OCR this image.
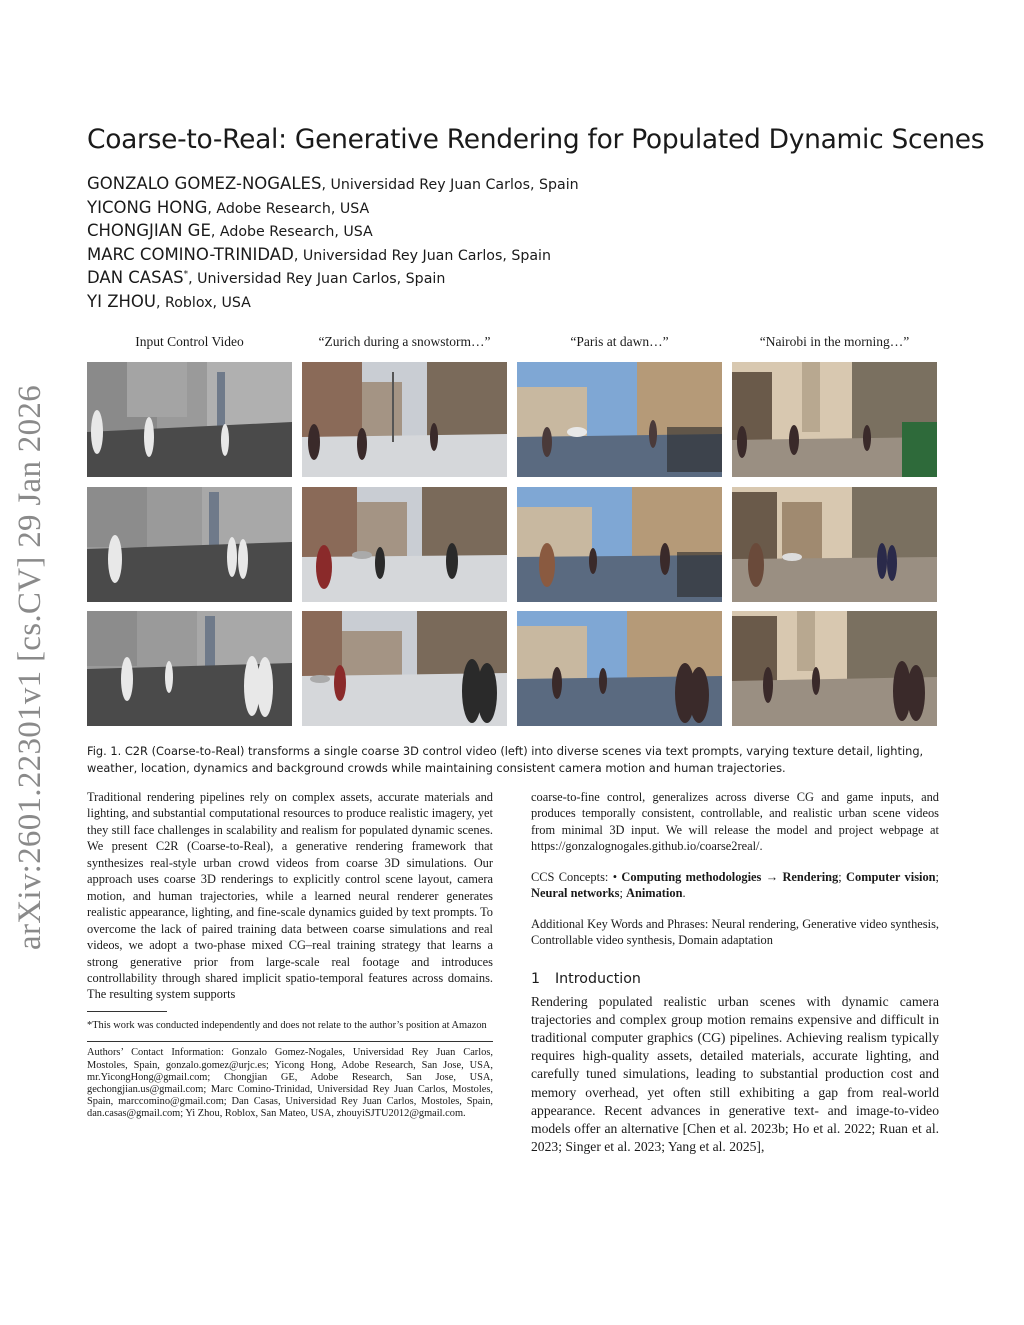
arXiv:2601.22301v1 [cs.CV] 29 Jan 2026
Coarse-to-Real: Generative Rendering for Populated Dynamic Scenes
GONZALO GOMEZ-NOGALES, Universidad Rey Juan Carlos, Spain
YICONG HONG, Adobe Research, USA
CHONGJIAN GE, Adobe Research, USA
MARC COMINO-TRINIDAD, Universidad Rey Juan Carlos, Spain
DAN CASAS*, Universidad Rey Juan Carlos, Spain
YI ZHOU, Roblox, USA
Input Control Video	“Zurich during a snowstorm…”	“Paris at dawn…”	“Nairobi in the morning…”
Fig. 1. C2R (Coarse-to-Real) transforms a single coarse 3D control video (left) into diverse scenes via text prompts, varying texture detail, lighting, weather, location, dynamics and background crowds while maintaining consistent camera motion and human trajectories.

Traditional rendering pipelines rely on complex assets, accurate materials and lighting, and substantial computational resources to produce realistic imagery, yet they still face challenges in scalability and realism for populated dynamic scenes. We present C2R (Coarse-to-Real), a generative rendering framework that synthesizes real-style urban crowd videos from coarse 3D simulations. Our approach uses coarse 3D renderings to explicitly control scene layout, camera motion, and human trajectories, while a learned neural renderer generates realistic appearance, lighting, and fine-scale dynamics guided by text prompts. To overcome the lack of paired training data between coarse simulations and real videos, we adopt a two-phase mixed CG–real training strategy that learns a strong generative prior from large-scale real footage and introduces controllability through shared implicit spatio-temporal features across domains. The resulting system supports

*This work was conducted independently and does not relate to the author’s position at Amazon

Authors’ Contact Information: Gonzalo Gomez-Nogales, Universidad Rey Juan Carlos, Mostoles, Spain, gonzalo.gomez@urjc.es; Yicong Hong, Adobe Research, San Jose, USA, mr.YicongHong@gmail.com; Chongjian GE, Adobe Research, San Jose, USA, gechongjian.us@gmail.com; Marc Comino-Trinidad, Universidad Rey Juan Carlos, Mostoles, Spain, marccomino@gmail.com; Dan Casas, Universidad Rey Juan Carlos, Mostoles, Spain, dan.casas@gmail.com; Yi Zhou, Roblox, San Mateo, USA, zhouyiSJTU2012@gmail.com.

coarse-to-fine control, generalizes across diverse CG and game inputs, and produces temporally consistent, controllable, and realistic urban scene videos from minimal 3D input. We will release the model and project webpage at https://gonzalognogales.github.io/coarse2real/.

CCS Concepts: • Computing methodologies → Rendering; Computer vision; Neural networks; Animation.

Additional Key Words and Phrases: Neural rendering, Generative video synthesis, Controllable video synthesis, Domain adaptation

1 Introduction

Rendering populated realistic urban scenes with dynamic camera trajectories and complex group motion remains expensive and difficult in traditional computer graphics (CG) pipelines. Achieving realism typically requires high-quality assets, detailed materials, accurate lighting, and carefully tuned simulations, leading to substantial production cost and memory overhead, yet often still exhibiting a gap from real-world appearance. Recent advances in generative text- and image-to-video models offer an alternative [Chen et al. 2023b; Ho et al. 2022; Ruan et al. 2023; Singer et al. 2023; Yang et al. 2025],
